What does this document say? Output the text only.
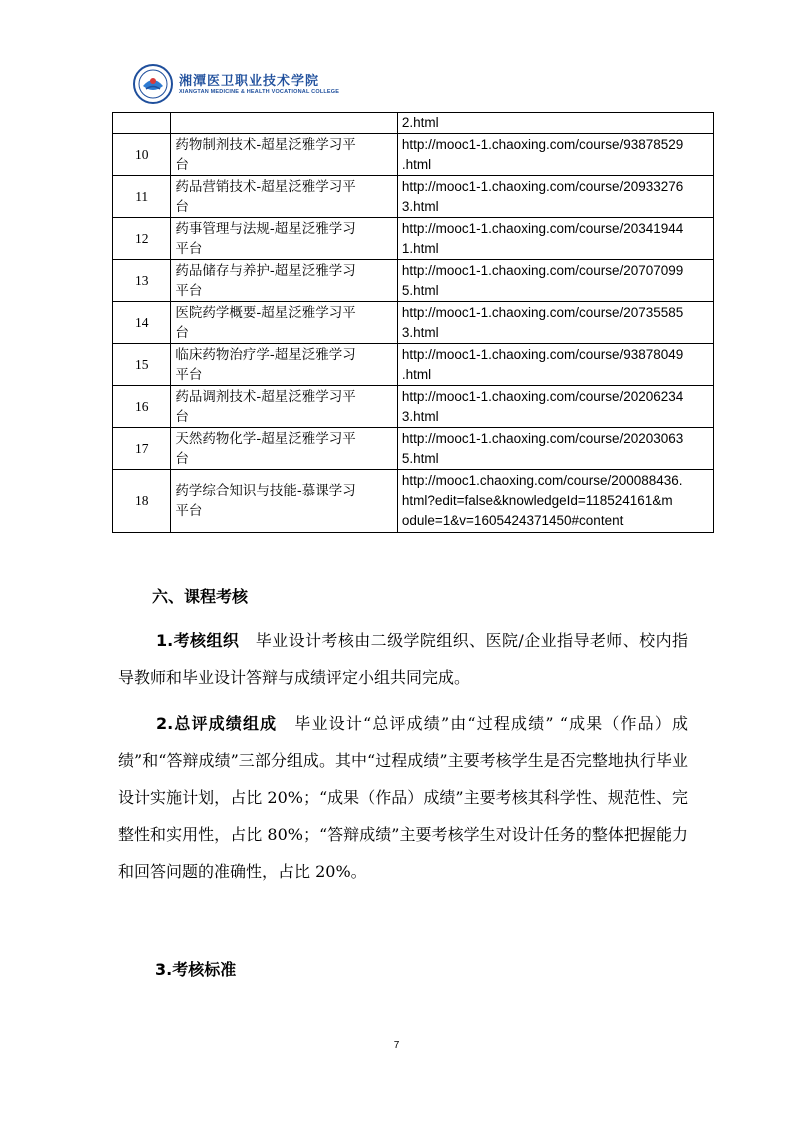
湘潭医卫职业技术学院
XIANGTAN MEDICINE & HEALTH VOCATIONAL COLLEGE

		2.html

10	药物制剂技术-超星泛雅学习平
台	http://mooc1-1.chaoxing.com/course/93878529
.html

11	药品营销技术-超星泛雅学习平
台	http://mooc1-1.chaoxing.com/course/20933276
3.html

12	药事管理与法规-超星泛雅学习
平台	http://mooc1-1.chaoxing.com/course/20341944
1.html

13	药品储存与养护-超星泛雅学习
平台	http://mooc1-1.chaoxing.com/course/20707099
5.html

14	医院药学概要-超星泛雅学习平
台	http://mooc1-1.chaoxing.com/course/20735585
3.html

15	临床药物治疗学-超星泛雅学习
平台	http://mooc1-1.chaoxing.com/course/93878049
.html

16	药品调剂技术-超星泛雅学习平
台	http://mooc1-1.chaoxing.com/course/20206234
3.html

17	天然药物化学-超星泛雅学习平
台	http://mooc1-1.chaoxing.com/course/20203063
5.html

18	药学综合知识与技能-慕课学习
平台	http://mooc1.chaoxing.com/course/200088436.
html?edit=false&knowledgeId=118524161&m
odule=1&v=1605424371450#content
六、课程考核
1.考核组织　 毕业设计考核由二级学院组织、医院/企业指导老师、校内指导教师和毕业设计答辩与成绩评定小组共同完成。
2.总评成绩组成　 毕业设计“总评成绩”由“过程成绩” “成果（作品）成绩”和“答辩成绩”三部分组成。其中“过程成绩”主要考核学生是否完整地执行毕业设计实施计划，占比 20%；“成果（作品）成绩”主要考核其科学性、规范性、完整性和实用性，占比 80%；“答辩成绩”主要考核学生对设计任务的整体把握能力和回答问题的准确性，占比 20%。
3.考核标准
7
